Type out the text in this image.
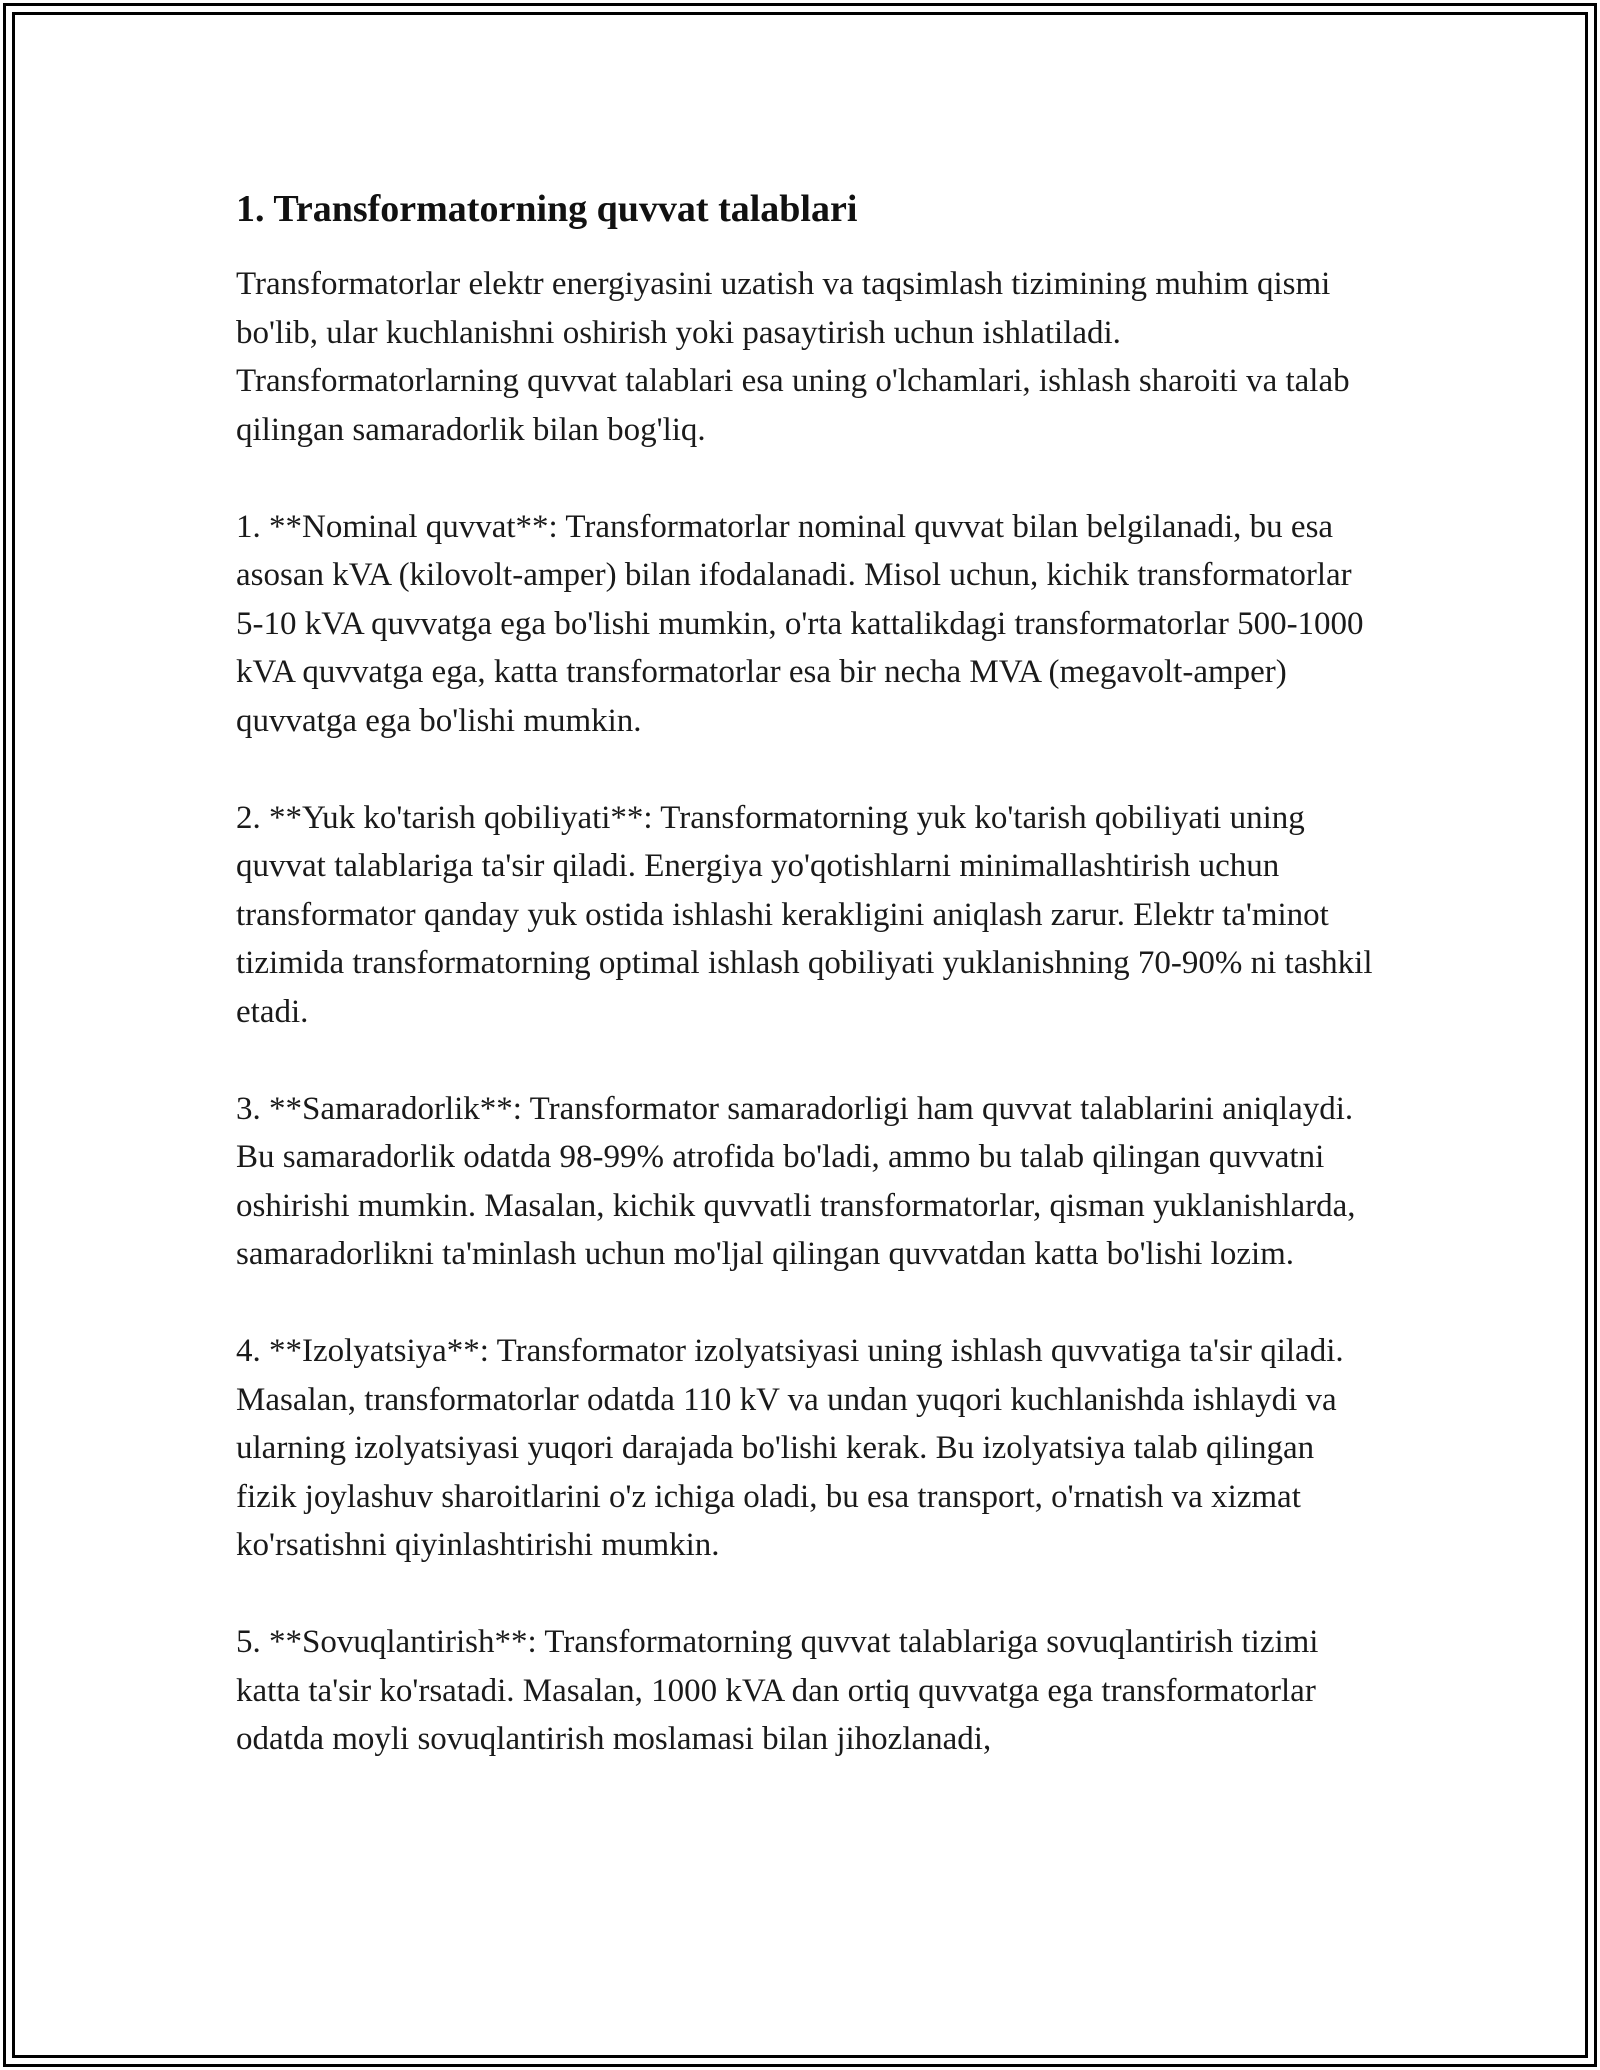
1. Transformatorning quvvat talablari

Transformatorlar elektr energiyasini uzatish va taqsimlash tizimining muhim qismi bo'lib, ular kuchlanishni oshirish yoki pasaytirish uchun ishlatiladi. Transformatorlarning quvvat talablari esa uning o'lchamlari, ishlash sharoiti va talab qilingan samaradorlik bilan bog'liq.

1. **Nominal quvvat**: Transformatorlar nominal quvvat bilan belgilanadi, bu esa asosan kVA (kilovolt-amper) bilan ifodalanadi. Misol uchun, kichik transformatorlar 5-10 kVA quvvatga ega bo'lishi mumkin, o'rta kattalikdagi transformatorlar 500-1000 kVA quvvatga ega, katta transformatorlar esa bir necha MVA (megavolt-amper) quvvatga ega bo'lishi mumkin.

2. **Yuk ko'tarish qobiliyati**: Transformatorning yuk ko'tarish qobiliyati uning quvvat talablariga ta'sir qiladi. Energiya yo'qotishlarni minimallashtirish uchun transformator qanday yuk ostida ishlashi kerakligini aniqlash zarur. Elektr ta'minot tizimida transformatorning optimal ishlash qobiliyati yuklanishning 70-90% ni tashkil etadi.

3. **Samaradorlik**: Transformator samaradorligi ham quvvat talablarini aniqlaydi. Bu samaradorlik odatda 98-99% atrofida bo'ladi, ammo bu talab qilingan quvvatni oshirishi mumkin. Masalan, kichik quvvatli transformatorlar, qisman yuklanishlarda, samaradorlikni ta'minlash uchun mo'ljal qilingan quvvatdan katta bo'lishi lozim.

4. **Izolyatsiya**: Transformator izolyatsiyasi uning ishlash quvvatiga ta'sir qiladi. Masalan, transformatorlar odatda 110 kV va undan yuqori kuchlanishda ishlaydi va ularning izolyatsiyasi yuqori darajada bo'lishi kerak. Bu izolyatsiya talab qilingan fizik joylashuv sharoitlarini o'z ichiga oladi, bu esa transport, o'rnatish va xizmat ko'rsatishni qiyinlashtirishi mumkin.

5. **Sovuqlantirish**: Transformatorning quvvat talablariga sovuqlantirish tizimi katta ta'sir ko'rsatadi. Masalan, 1000 kVA dan ortiq quvvatga ega transformatorlar odatda moyli sovuqlantirish moslamasi bilan jihozlanadi,
